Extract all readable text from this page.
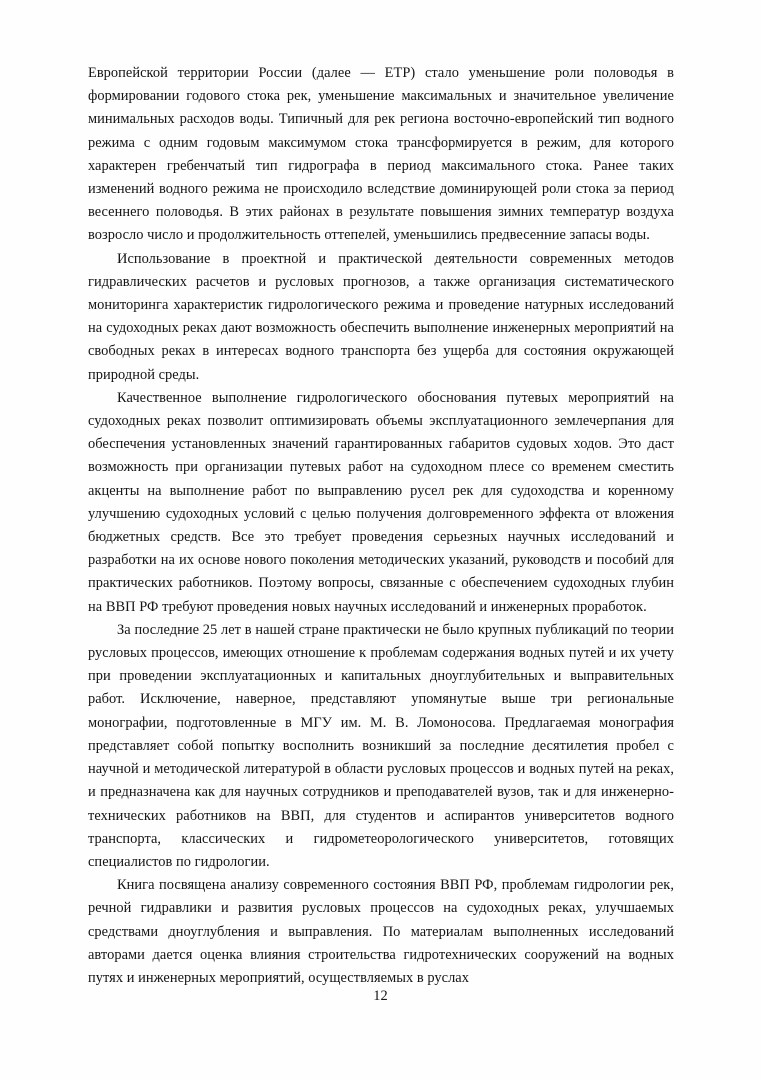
Европейской территории России (далее — ЕТР) стало уменьшение роли половодья в формировании годового стока рек, уменьшение максимальных и значительное увеличение минимальных расходов воды. Типичный для рек региона восточно-европейский тип водного режима с одним годовым максимумом стока трансформируется в режим, для которого характерен гребенчатый тип гидрографа в период максимального стока. Ранее таких изменений водного режима не происходило вследствие доминирующей роли стока за период весеннего половодья. В этих районах в результате повышения зимних температур воздуха возросло число и продолжительность оттепелей, уменьшились предвесенние запасы воды.

Использование в проектной и практической деятельности современных методов гидравлических расчетов и русловых прогнозов, а также организация систематического мониторинга характеристик гидрологического режима и проведение натурных исследований на судоходных реках дают возможность обеспечить выполнение инженерных мероприятий на свободных реках в интересах водного транспорта без ущерба для состояния окружающей природной среды.

Качественное выполнение гидрологического обоснования путевых мероприятий на судоходных реках позволит оптимизировать объемы эксплуатационного землечерпания для обеспечения установленных значений гарантированных габаритов судовых ходов. Это даст возможность при организации путевых работ на судоходном плесе со временем сместить акценты на выполнение работ по выправлению русел рек для судоходства и коренному улучшению судоходных условий с целью получения долговременного эффекта от вложения бюджетных средств. Все это требует проведения серьезных научных исследований и разработки на их основе нового поколения методических указаний, руководств и пособий для практических работников. Поэтому вопросы, связанные с обеспечением судоходных глубин на ВВП РФ требуют проведения новых научных исследований и инженерных проработок.

За последние 25 лет в нашей стране практически не было крупных публикаций по теории русловых процессов, имеющих отношение к проблемам содержания водных путей и их учету при проведении эксплуатационных и капитальных дноуглубительных и выправительных работ. Исключение, наверное, представляют упомянутые выше три региональные монографии, подготовленные в МГУ им. М. В. Ломоносова. Предлагаемая монография представляет собой попытку восполнить возникший за последние десятилетия пробел с научной и методической литературой в области русловых процессов и водных путей на реках, и предназначена как для научных сотрудников и преподавателей вузов, так и для инженерно-технических работников на ВВП, для студентов и аспирантов университетов водного транспорта, классических и гидрометеорологического университетов, готовящих специалистов по гидрологии.

Книга посвящена анализу современного состояния ВВП РФ, проблемам гидрологии рек, речной гидравлики и развития русловых процессов на судоходных реках, улучшаемых средствами дноуглубления и выправления. По материалам выполненных исследований авторами дается оценка влияния строительства гидротехнических сооружений на водных путях и инженерных мероприятий, осуществляемых в руслах

12
